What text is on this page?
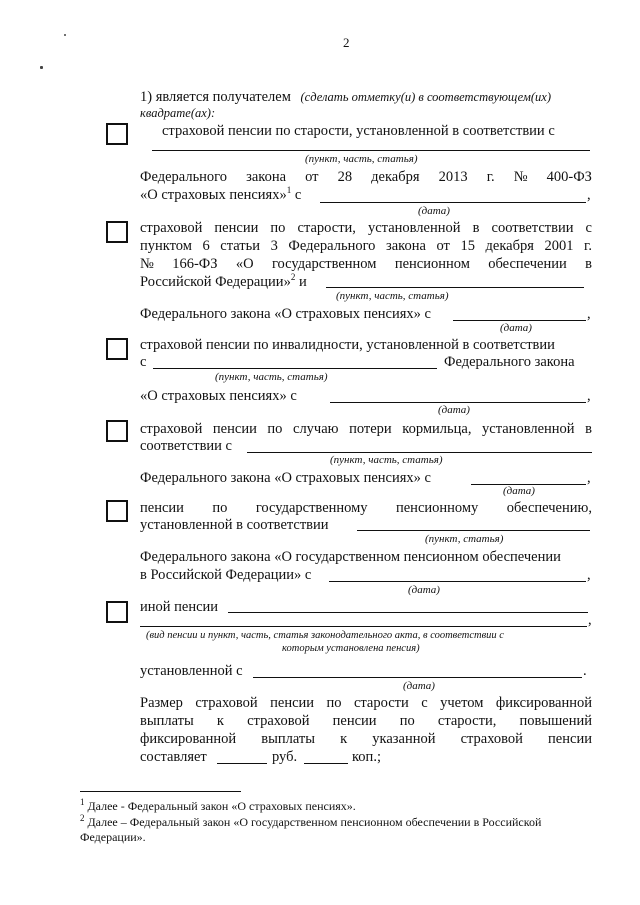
2
1) является получателем (сделать отметку(и) в соответствующем(их)
квадрате(ах):
страховой пенсии по старости, установленной в соответствии с
(пункт, часть, статья)
Федерального закона от 28 декабря 2013 г. № 400-ФЗ
«О страховых пенсиях»$^1$ с	,
(дата)
страховой пенсии по старости, установленной в соответствии с
пунктом 6 статьи 3 Федерального закона от 15 декабря 2001 г.
№ 166-ФЗ «О государственном пенсионном обеспечении в
Российской Федерации»$^2$ и
(пункт, часть, статья)
Федерального закона «О страховых пенсиях» с	,
(дата)
страховой пенсии по инвалидности, установленной в соответствии
с	Федерального закона
(пункт, часть, статья)
«О страховых пенсиях» с	,
(дата)
страховой пенсии по случаю потери кормильца, установленной в
соответствии с
(пункт, часть, статья)
Федерального закона «О страховых пенсиях» с	,
(дата)
пенсии по государственному пенсионному обеспечению,
установленной в соответствии
(пункт, статья)
Федерального закона «О государственном пенсионном обеспечении
в Российской Федерации» с	,
(дата)
иной пенсии
,
(вид пенсии и пункт, часть, статья законодательного акта, в соответствии с
которым установлена пенсия)
установленной с	.
(дата)
Размер страховой пенсии по старости с учетом фиксированной
выплаты к страховой пенсии по старости, повышений
фиксированной выплаты к указанной страховой пенсии
составляет	руб.	коп.;
$^1$ Далее - Федеральный закон «О страховых пенсиях».
$^2$ Далее – Федеральный закон «О государственном пенсионном обеспечении в Российской
Федерации».
